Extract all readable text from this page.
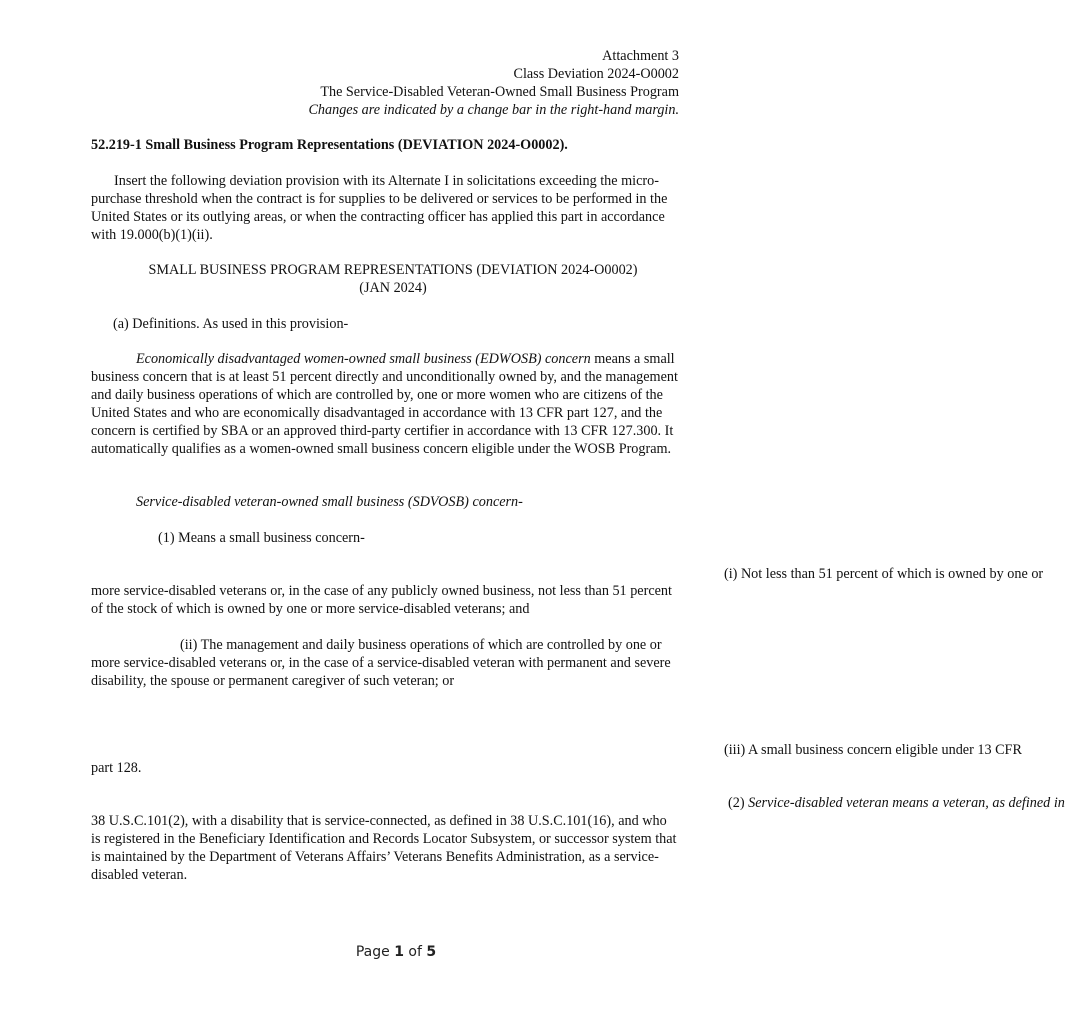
Attachment 3
Class Deviation 2024-O0002
The Service-Disabled Veteran-Owned Small Business Program
Changes are indicated by a change bar in the right-hand margin.
52.219-1 Small Business Program Representations (DEVIATION 2024-O0002).
Insert the following deviation provision with its Alternate I in solicitations exceeding the micro-purchase threshold when the contract is for supplies to be delivered or services to be performed in the United States or its outlying areas, or when the contracting officer has applied this part in accordance with 19.000(b)(1)(ii).
SMALL BUSINESS PROGRAM REPRESENTATIONS (DEVIATION 2024-O0002)
(JAN 2024)
(a) Definitions. As used in this provision-
Economically disadvantaged women-owned small business (EDWOSB) concern means a small business concern that is at least 51 percent directly and unconditionally owned by, and the management and daily business operations of which are controlled by, one or more women who are citizens of the United States and who are economically disadvantaged in accordance with 13 CFR part 127, and the concern is certified by SBA or an approved third-party certifier in accordance with 13 CFR 127.300. It automatically qualifies as a women-owned small business concern eligible under the WOSB Program.
Service-disabled veteran-owned small business (SDVOSB) concern-
(1) Means a small business concern-
(i) Not less than 51 percent of which is owned by one or
more service-disabled veterans or, in the case of any publicly owned business, not less than 51 percent of the stock of which is owned by one or more service-disabled veterans; and
(ii) The management and daily business operations of which are controlled by one or more service-disabled veterans or, in the case of a service-disabled veteran with permanent and severe disability, the spouse or permanent caregiver of such veteran; or
(iii) A small business concern eligible under 13 CFR
part 128.
(2) Service-disabled veteran means a veteran, as defined in
38 U.S.C.101(2), with a disability that is service-connected, as defined in 38 U.S.C.101(16), and who is registered in the Beneficiary Identification and Records Locator Subsystem, or successor system that is maintained by the Department of Veterans Affairs’ Veterans Benefits Administration, as a service-disabled veteran.
Page 1 of 5
